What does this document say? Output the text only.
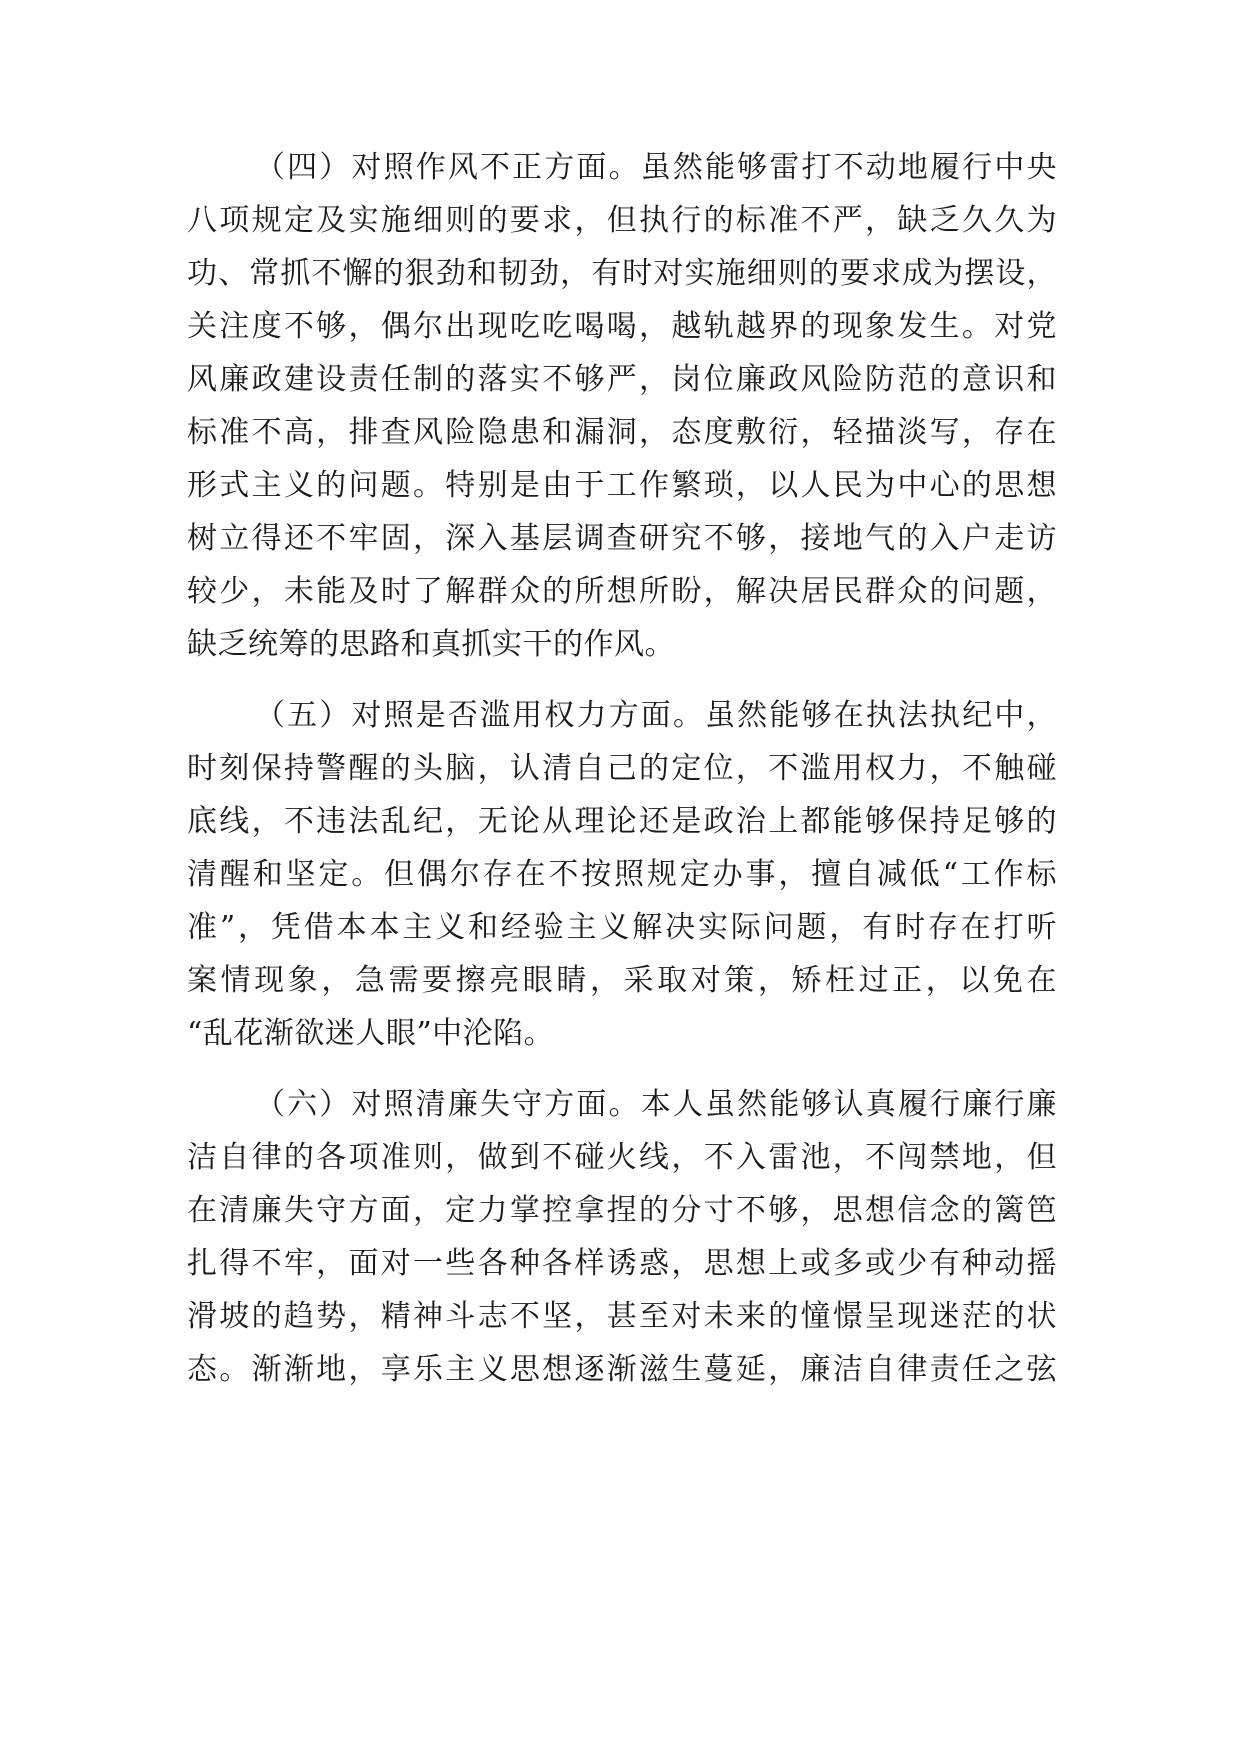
（四）对照作风不正方面。虽然能够雷打不动地履行中央
八项规定及实施细则的要求，但执行的标准不严，缺乏久久为
功、常抓不懈的狠劲和韧劲，有时对实施细则的要求成为摆设，
关注度不够，偶尔出现吃吃喝喝，越轨越界的现象发生。对党
风廉政建设责任制的落实不够严，岗位廉政风险防范的意识和
标准不高，排查风险隐患和漏洞，态度敷衍，轻描淡写，存在
形式主义的问题。特别是由于工作繁琐，以人民为中心的思想
树立得还不牢固，深入基层调查研究不够，接地气的入户走访
较少，未能及时了解群众的所想所盼，解决居民群众的问题，
缺乏统筹的思路和真抓实干的作风。
（五）对照是否滥用权力方面。虽然能够在执法执纪中，
时刻保持警醒的头脑，认清自己的定位，不滥用权力，不触碰
底线，不违法乱纪，无论从理论还是政治上都能够保持足够的
清醒和坚定。但偶尔存在不按照规定办事，擅自减低“工作标
准”，凭借本本主义和经验主义解决实际问题，有时存在打听
案情现象，急需要擦亮眼睛，采取对策，矫枉过正，以免在
“乱花渐欲迷人眼”中沦陷。
（六）对照清廉失守方面。本人虽然能够认真履行廉行廉
洁自律的各项准则，做到不碰火线，不入雷池，不闯禁地，但
在清廉失守方面，定力掌控拿捏的分寸不够，思想信念的篱笆
扎得不牢，面对一些各种各样诱惑，思想上或多或少有种动摇
滑坡的趋势，精神斗志不坚，甚至对未来的憧憬呈现迷茫的状
态。渐渐地，享乐主义思想逐渐滋生蔓延，廉洁自律责任之弦
